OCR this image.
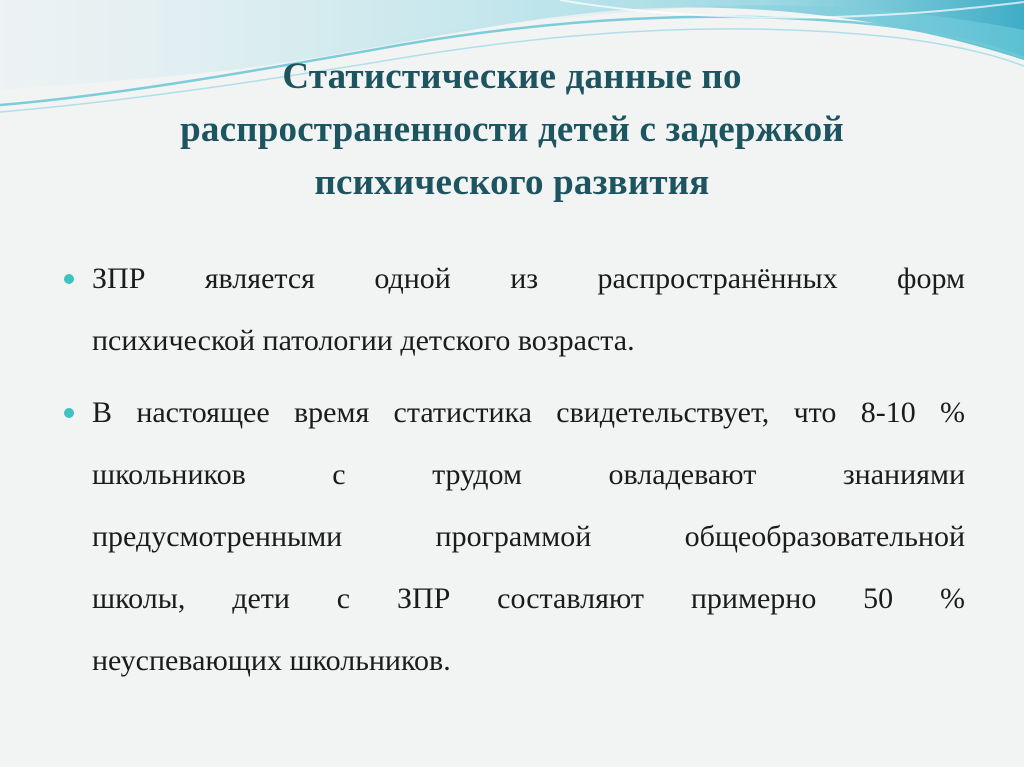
Статистические данные по
распространенности детей с задержкой
психического развития
ЗПР является одной из распространённых форм
психической патологии детского возраста.
В настоящее время статистика свидетельствует, что 8-10 %
школьников с трудом овладевают знаниями
предусмотренными программой общеобразовательной
школы, дети с ЗПР составляют примерно 50 %
неуспевающих школьников.
